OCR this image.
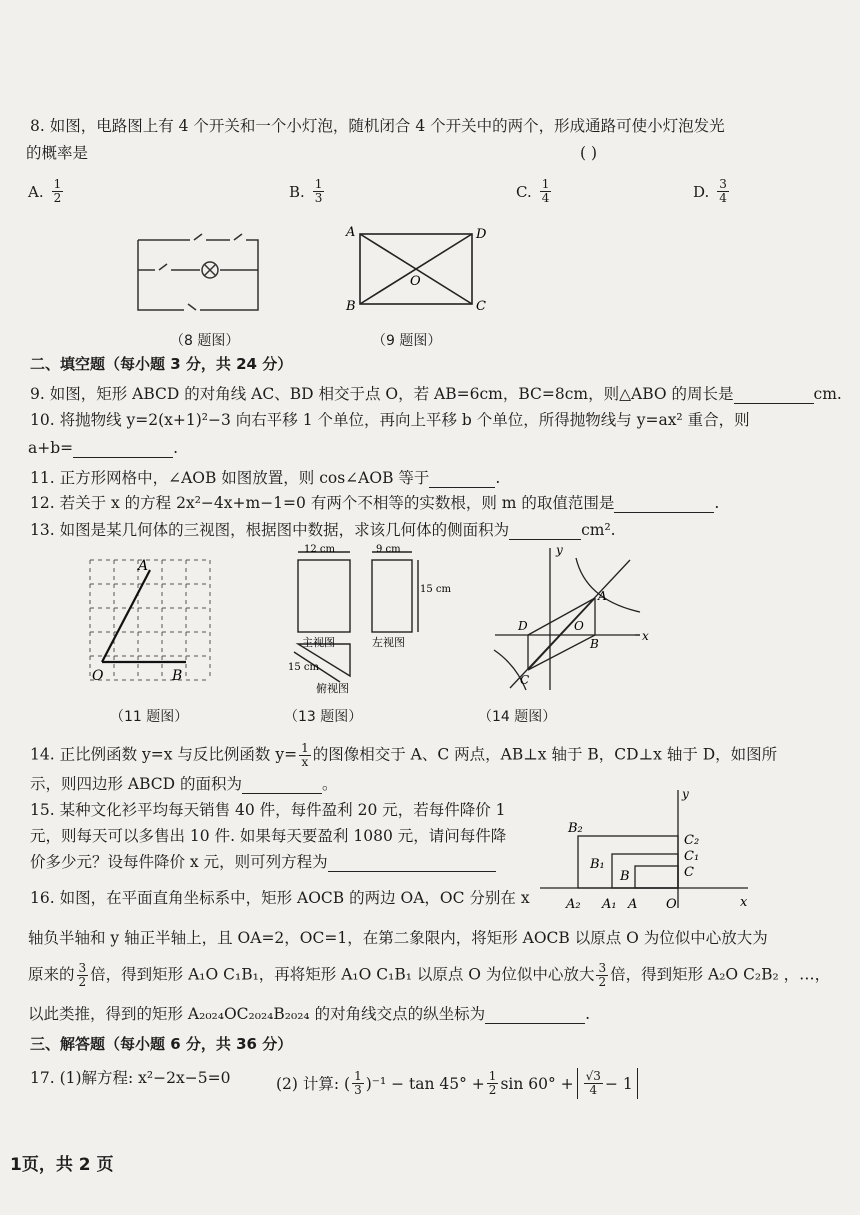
8. 如图，电路图上有 4 个开关和一个小灯泡，随机闭合 4 个开关中的两个，形成通路可使小灯泡发光
的概率是	( )
A. $\frac{1}{2}$	B. $\frac{1}{3}$	C. $\frac{1}{4}$	D. $\frac{3}{4}$
（8 题图）
A	D
B	C
O
（9 题图）
二、填空题（每小题 3 分，共 24 分）
9. 如图，矩形 ABCD 的对角线 AC、BD 相交于点 O，若 AB=6cm，BC=8cm，则△ABO 的周长是	cm.
10. 将抛物线 y=2(x+1)²−3 向右平移 1 个单位，再向上平移 b 个单位，所得抛物线与 y=ax² 重合，则
a+b=	.
11. 正方形网格中，∠AOB 如图放置，则 cos∠AOB 等于	.
12. 若关于 x 的方程 2x²−4x+m−1=0 有两个不相等的实数根，则 m 的取值范围是	.
13. 如图是某几何体的三视图，根据图中数据，求该几何体的侧面积为	cm².
A
O	B
（11 题图）
12 cm	9 cm
15 cm
15 cm
主视图	左视图
俯视图
（13 题图）
y
x
A
B
C
D	O
（14 题图）
14. 正比例函数 y=x 与反比例函数 $y= \frac{1}{x}$ 的图像相交于 A、C 两点，AB⊥x 轴于 B，CD⊥x 轴于 D，如图所
示，则四边形 ABCD 的面积为	。
15. 某种文化衫平均每天销售 40 件，每件盈利 20 元，若每件降价 1
元，则每天可以多售出 10 件. 如果每天要盈利 1080 元，请问每件降
价多少元？设每件降价 x 元，则可列方程为
y
x
B₂
B₁
B
C₂
C₁
C
A₂ A₁ A O
16. 如图，在平面直角坐标系中，矩形 AOCB 的两边 OA，OC 分别在 x
轴负半轴和 y 轴正半轴上，且 OA=2，OC=1，在第二象限内，将矩形 AOCB 以原点 O 为位似中心放大为
原来的 $\frac{3}{2}$ 倍，得到矩形 A₁O C₁B₁，再将矩形 A₁O C₁B₁ 以原点 O 为位似中心放大 $\frac{3}{2}$ 倍，得到矩形 A₂O C₂B₂ ，…，
以此类推，得到的矩形 A₂₀₂₄OC₂₀₂₄B₂₀₂₄ 的对角线交点的纵坐标为	.
三、解答题（每小题 6 分，共 36 分）
17. (1)解方程: x²−2x−5=0	(2) 计算: ( $\frac{1}{3} )^{-1} - \tan 45^\circ + \frac{1}{2}$ $\sin 60^\circ + \frac{√3}{4} - 1$
1页，共 2 页
